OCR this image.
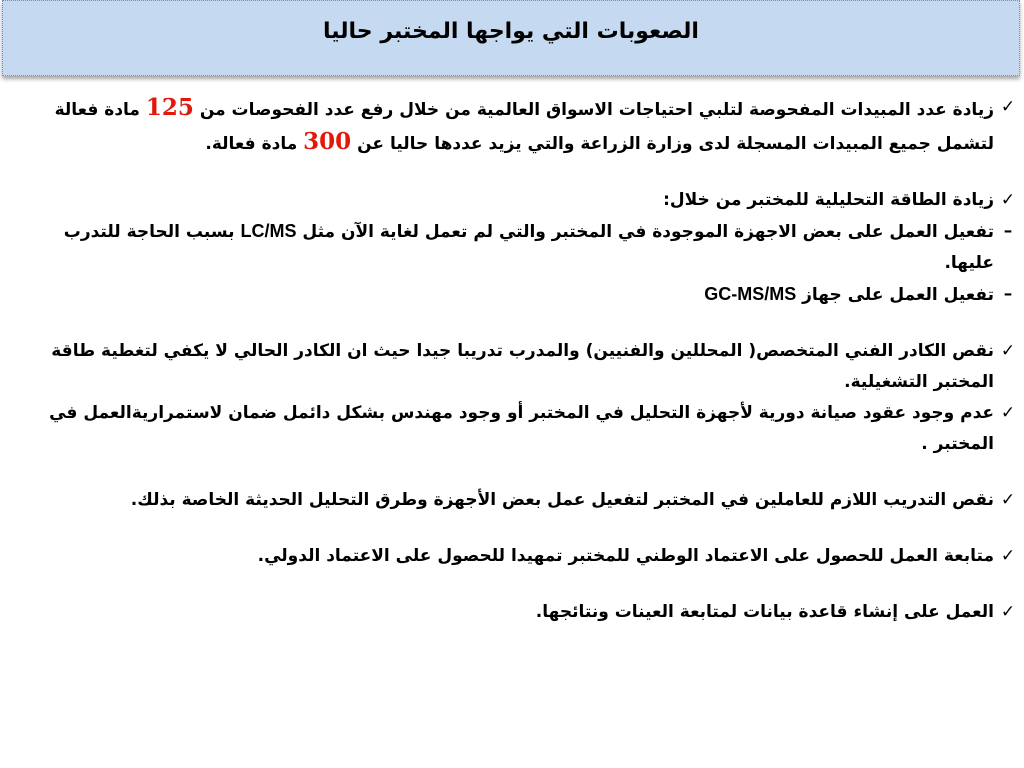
الصعوبات التي يواجها المختبر حاليا
✓
زيادة عدد المبيدات المفحوصة لتلبي احتياجات الاسواق العالمية من خلال رفع عدد الفحوصات من 125 مادة فعالة لتشمل جميع المبيدات المسجلة لدى وزارة الزراعة والتي يزيد عددها حاليا عن 300 مادة فعالة.
✓
زيادة الطاقة التحليلية للمختبر من خلال:
–
تفعيل العمل على بعض الاجهزة الموجودة في المختبر والتي لم تعمل لغاية الآن مثل LC/MS بسبب الحاجة للتدرب عليها.
–
تفعيل العمل على جهاز GC-MS/MS
✓
نقص الكادر الفني المتخصص( المحللين والفنيين) والمدرب تدريبا جيدا حيث ان الكادر الحالي لا يكفي لتغطية طاقة المختبر التشغيلية.
✓
عدم وجود عقود صيانة دورية لأجهزة التحليل في المختبر أو وجود مهندس بشكل دائمل ضمان لاستمراريةالعمل في المختبر .
✓
نقص التدريب اللازم للعاملين في المختبر لتفعيل عمل بعض الأجهزة وطرق التحليل الحديثة الخاصة بذلك.
✓
متابعة العمل للحصول على الاعتماد الوطني للمختبر تمهيدا للحصول على الاعتماد الدولي.
✓
العمل على إنشاء قاعدة بيانات لمتابعة العينات ونتائجها.
